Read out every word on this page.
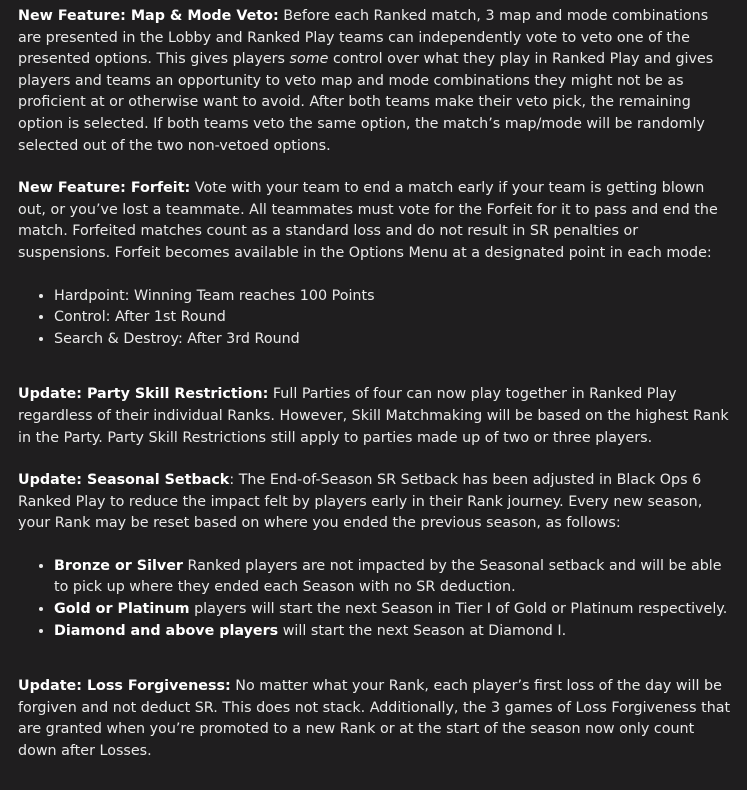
New Feature: Map & Mode Veto: Before each Ranked match, 3 map and mode combinations are presented in the Lobby and Ranked Play teams can independently vote to veto one of the presented options. This gives players some control over what they play in Ranked Play and gives players and teams an opportunity to veto map and mode combinations they might not be as proficient at or otherwise want to avoid. After both teams make their veto pick, the remaining option is selected. If both teams veto the same option, the match’s map/mode will be randomly selected out of the two non-vetoed options.

New Feature: Forfeit: Vote with your team to end a match early if your team is getting blown out, or you’ve lost a teammate. All teammates must vote for the Forfeit for it to pass and end the match. Forfeited matches count as a standard loss and do not result in SR penalties or suspensions. Forfeit becomes available in the Options Menu at a designated point in each mode:

• Hardpoint: Winning Team reaches 100 Points
• Control: After 1st Round
• Search & Destroy: After 3rd Round

Update: Party Skill Restriction: Full Parties of four can now play together in Ranked Play regardless of their individual Ranks. However, Skill Matchmaking will be based on the highest Rank in the Party. Party Skill Restrictions still apply to parties made up of two or three players.

Update: Seasonal Setback: The End-of-Season SR Setback has been adjusted in Black Ops 6 Ranked Play to reduce the impact felt by players early in their Rank journey. Every new season, your Rank may be reset based on where you ended the previous season, as follows:

• Bronze or Silver Ranked players are not impacted by the Seasonal setback and will be able to pick up where they ended each Season with no SR deduction.
• Gold or Platinum players will start the next Season in Tier I of Gold or Platinum respectively.
• Diamond and above players will start the next Season at Diamond I.

Update: Loss Forgiveness: No matter what your Rank, each player’s first loss of the day will be forgiven and not deduct SR. This does not stack. Additionally, the 3 games of Loss Forgiveness that are granted when you’re promoted to a new Rank or at the start of the season now only count down after Losses.
